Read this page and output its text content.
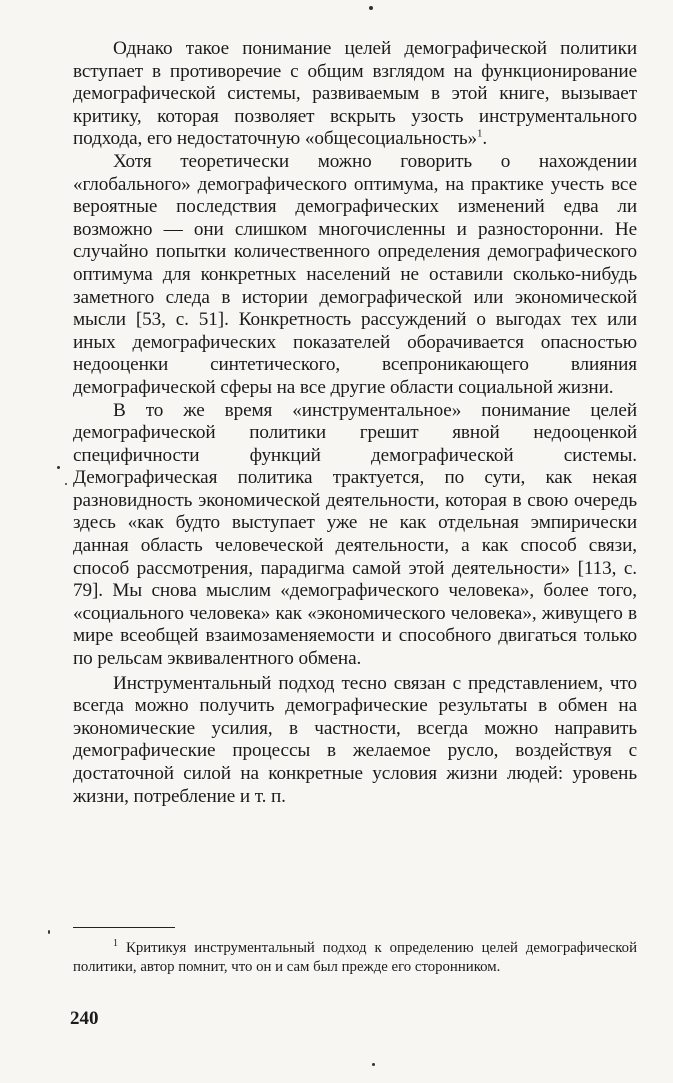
Однако такое понимание целей демографической политики вступает в противоречие с общим взглядом на функционирование демографической системы, развиваемым в этой книге, вызывает критику, которая позволяет вскрыть узость инструментального подхода, его недостаточную «общесоциальность»$^1$.

Хотя теоретически можно говорить о нахождении «глобального» демографического оптимума, на практике учесть все вероятные последствия демографических изменений едва ли возможно — они слишком многочисленны и разносторонни. Не случайно попытки количественного определения демографического оптимума для конкретных населений не оставили сколько-нибудь заметного следа в истории демографической или экономической мысли [53, с. 51]. Конкретность рассуждений о выгодах тех или иных демографических показателей оборачивается опасностью недооценки синтетического, всепроникающего влияния демографической сферы на все другие области социальной жизни.

В то же время «инструментальное» понимание целей демографической политики грешит явной недооценкой специфичности функций демографической системы. Демографическая политика трактуется, по сути, как некая разновидность экономической деятельности, которая в свою очередь здесь «как будто выступает уже не как отдельная эмпирически данная область человеческой деятельности, а как способ связи, способ рассмотрения, парадигма самой этой деятельности» [113, с. 79]. Мы снова мыслим «демографического человека», более того, «социального человека» как «экономического человека», живущего в мире всеобщей взаимозаменяемости и способного двигаться только по рельсам эквивалентного обмена.

Инструментальный подход тесно связан с представлением, что всегда можно получить демографические результаты в обмен на экономические усилия, в частности, всегда можно направить демографические процессы в желаемое русло, воздействуя с достаточной силой на конкретные условия жизни людей: уровень жизни, потребление и т. п.

$^1$ Критикуя инструментальный подход к определению целей демографической политики, автор помнит, что он и сам был прежде его сторонником.

240
